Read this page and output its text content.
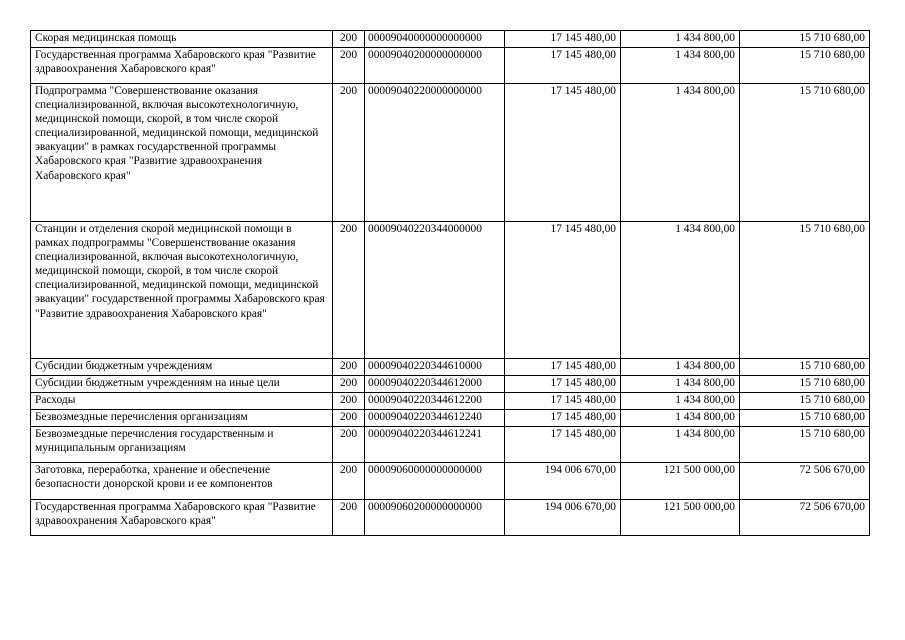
Скорая медицинская помощь	200	00009040000000000000	17 145 480,00	1 434 800,00	15 710 680,00
Государственная программа Хабаровского края "Развитие здравоохранения Хабаровского края"	200	00009040200000000000	17 145 480,00	1 434 800,00	15 710 680,00
Подпрограмма "Совершенствование оказания специализированной, включая высокотехнологичную, медицинской помощи, скорой, в том числе скорой специализированной, медицинской помощи, медицинской эвакуации" в рамках государственной программы Хабаровского края "Развитие здравоохранения Хабаровского края"	200	00009040220000000000	17 145 480,00	1 434 800,00	15 710 680,00
Станции и отделения скорой медицинской помощи в рамках подпрограммы "Совершенствование оказания специализированной, включая высокотехнологичную, медицинской помощи, скорой, в том числе скорой специализированной, медицинской помощи, медицинской эвакуации" государственной программы Хабаровского края "Развитие здравоохранения Хабаровского края"	200	00009040220344000000	17 145 480,00	1 434 800,00	15 710 680,00
Субсидии бюджетным учреждениям	200	00009040220344610000	17 145 480,00	1 434 800,00	15 710 680,00
Субсидии бюджетным учреждениям на иные цели	200	00009040220344612000	17 145 480,00	1 434 800,00	15 710 680,00
Расходы	200	00009040220344612200	17 145 480,00	1 434 800,00	15 710 680,00
Безвозмездные перечисления организациям	200	00009040220344612240	17 145 480,00	1 434 800,00	15 710 680,00
Безвозмездные перечисления государственным и муниципальным организациям	200	00009040220344612241	17 145 480,00	1 434 800,00	15 710 680,00
Заготовка, переработка, хранение и обеспечение безопасности донорской крови и ее компонентов	200	00009060000000000000	194 006 670,00	121 500 000,00	72 506 670,00
Государственная программа Хабаровского края "Развитие здравоохранения Хабаровского края"	200	00009060200000000000	194 006 670,00	121 500 000,00	72 506 670,00
